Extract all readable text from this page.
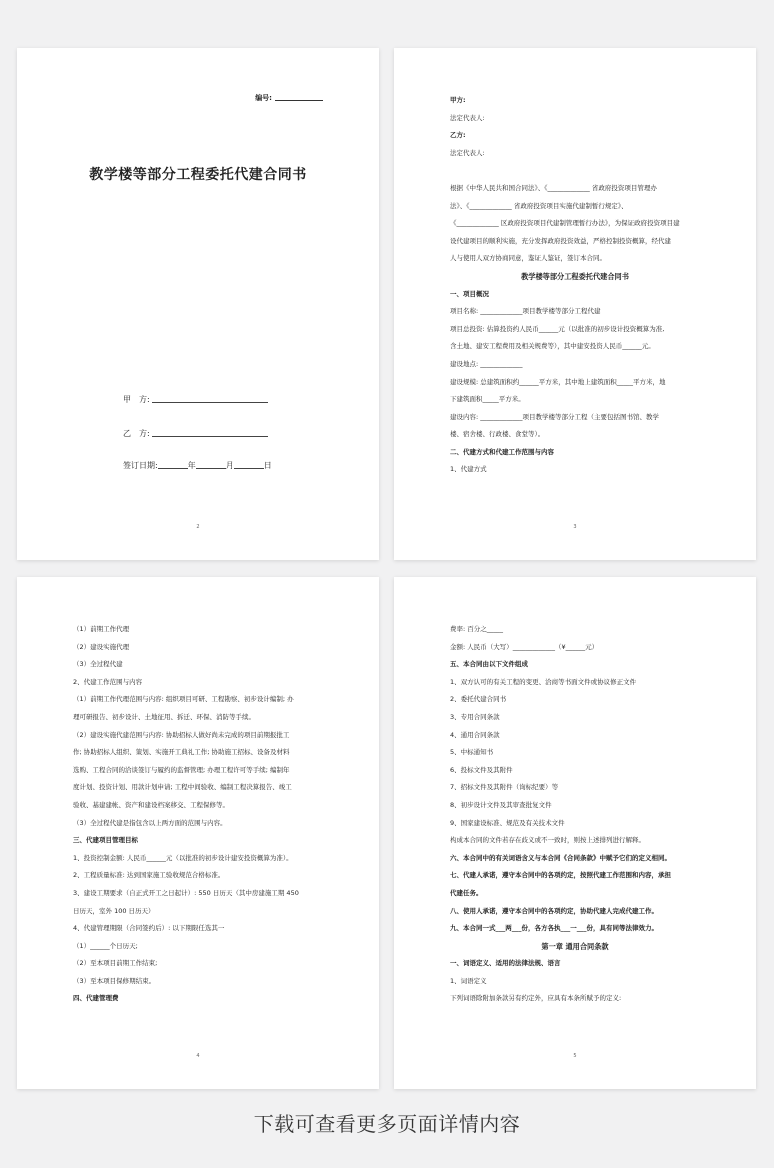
编号:
教学楼等部分工程委托代建合同书
甲　方:
乙　方:
签订日期:	年	月	日
2

甲方:

法定代表人:

乙方:

法定代表人:

根据《中华人民共和国合同法》、《_____________ 省政府投资项目管理办

法》、《_____________ 省政府投资项目实施代建制暂行规定》、

《_____________ 区政府投资项目代建制管理暂行办法》，为保证政府投资项目建

设代建项目的顺利实施，充分发挥政府投资效益，严格控制投资概算，经代建

人与使用人双方协商同意，鉴证人鉴证，签订本合同。

教学楼等部分工程委托代建合同书

一、项目概况

项目名称: _____________项目教学楼等部分工程代建

项目总投资: 估算投资约人民币______元（以批准的初步设计投资概算为准,

含土地、建安工程费用及相关规费等），其中建安投资人民币______元。

建设地点: _____________

建设规模: 总建筑面积约______平方米，其中地上建筑面积_____平方米，地

下建筑面积_____平方米。

建设内容: _____________项目教学楼等部分工程（主要包括图书馆、教学

楼、宿舍楼、行政楼、食堂等）。

二、代建方式和代建工作范围与内容

1、代建方式

3

（1）前期工作代理

（2）建设实施代理

（3）全过程代建

2、代建工作范围与内容

（1）前期工作代理范围与内容: 组织项目可研、工程勘察、初步设计编制; 办

理可研报告、初步设计、土地征用、拆迁、环保、消防等手续。

（2）建设实施代建范围与内容: 协助招标人做好尚未完成的项目前期报批工

作; 协助招标人组织、策划、实施开工典礼工作; 协助施工招标、设备及材料

选购、工程合同的洽谈签订与履约的监督管理; 办理工程许可等手续; 编制年

度计划、投资计划、用款计划申请; 工程中间验收、编制工程决算报告、竣工

验收、基建建帐、资产和建设档案移交、工程保修等。

（3）全过程代建是指包含以上两方面的范围与内容。

三、代建项目管理目标

1、投资控制金额: 人民币______元（以批准的初步设计建安投资概算为准）。

2、工程质量标准: 达到国家施工验收规范合格标准。

3、建设工期要求（自正式开工之日起计）: 550 日历天（其中房建施工期 450

日历天，室外 100 日历天）

4、代建管理期限（合同签约后）: 以下期限任选其一

（1）______个日历天;

（2）至本项目前期工作结束;

（3）至本项目保修期结束。

四、代建管理费

4

费率: 百分之_____

金额: 人民币（大写）_____________（¥______元）

五、本合同由以下文件组成

1、双方认可的有关工程的变更、洽商等书面文件或协议修正文件

2、委托代建合同书

3、专用合同条款

4、通用合同条款

5、中标通知书

6、投标文件及其附件

7、招标文件及其附件（询标纪要）等

8、初步设计文件及其审查批复文件

9、国家建设标准、规范及有关技术文件

构成本合同的文件若存在歧义或不一致时，则按上述排列进行解释。

六、本合同中的有关词语含义与本合同《合同条款》中赋予它们的定义相同。

七、代建人承诺，遵守本合同中的各项约定，按照代建工作范围和内容，承担

代建任务。

八、使用人承诺，遵守本合同中的各项约定，协助代建人完成代建工作。

九、本合同一式___两___份，各方各执___一___份，具有同等法律效力。

第一章 通用合同条款

一、词语定义、适用的法律法规、语言

1、词语定义

下列词语除附加条款另有约定外，应具有本条所赋予的定义:

5
下载可查看更多页面详情内容
